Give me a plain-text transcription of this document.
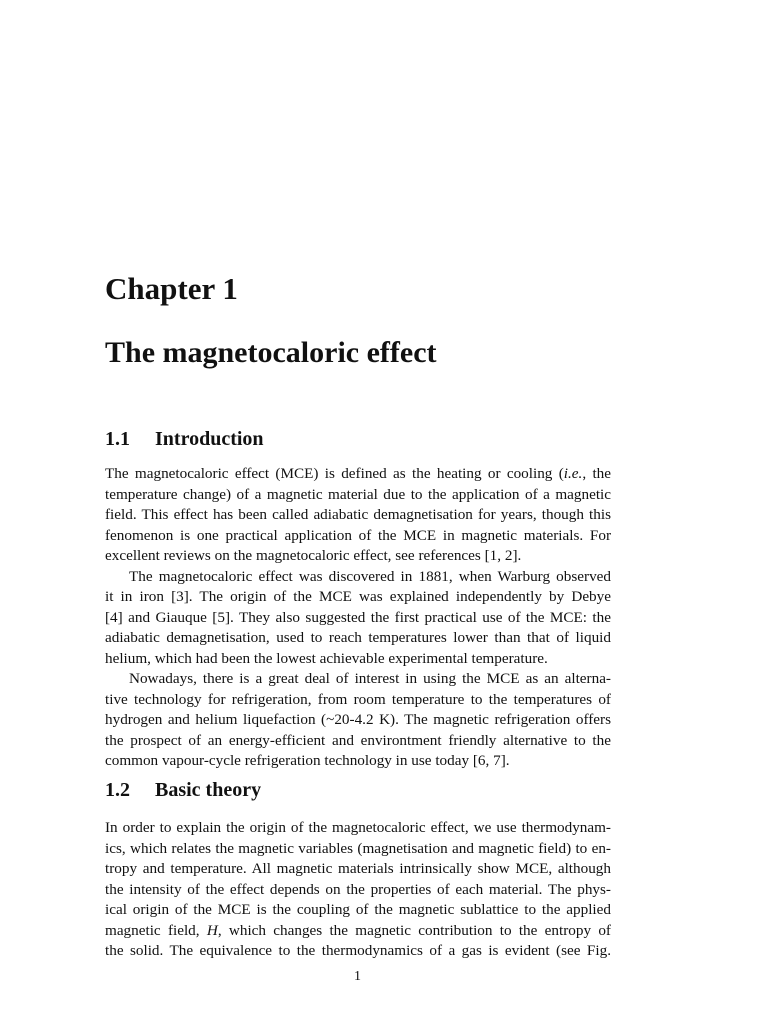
Chapter 1
The magnetocaloric effect
1.1 Introduction
The magnetocaloric effect (MCE) is defined as the heating or cooling (i.e., the
temperature change) of a magnetic material due to the application of a magnetic
field. This effect has been called adiabatic demagnetisation for years, though this
fenomenon is one practical application of the MCE in magnetic materials. For
excellent reviews on the magnetocaloric effect, see references [1, 2].
The magnetocaloric effect was discovered in 1881, when Warburg observed
it in iron [3]. The origin of the MCE was explained independently by Debye
[4] and Giauque [5]. They also suggested the first practical use of the MCE: the
adiabatic demagnetisation, used to reach temperatures lower than that of liquid
helium, which had been the lowest achievable experimental temperature.
Nowadays, there is a great deal of interest in using the MCE as an alterna-
tive technology for refrigeration, from room temperature to the temperatures of
hydrogen and helium liquefaction (~20-4.2 K). The magnetic refrigeration offers
the prospect of an energy-efficient and environtment friendly alternative to the
common vapour-cycle refrigeration technology in use today [6, 7].
1.2 Basic theory
In order to explain the origin of the magnetocaloric effect, we use thermodynam-
ics, which relates the magnetic variables (magnetisation and magnetic field) to en-
tropy and temperature. All magnetic materials intrinsically show MCE, although
the intensity of the effect depends on the properties of each material. The phys-
ical origin of the MCE is the coupling of the magnetic sublattice to the applied
magnetic field, H, which changes the magnetic contribution to the entropy of
the solid. The equivalence to the thermodynamics of a gas is evident (see Fig.
1
